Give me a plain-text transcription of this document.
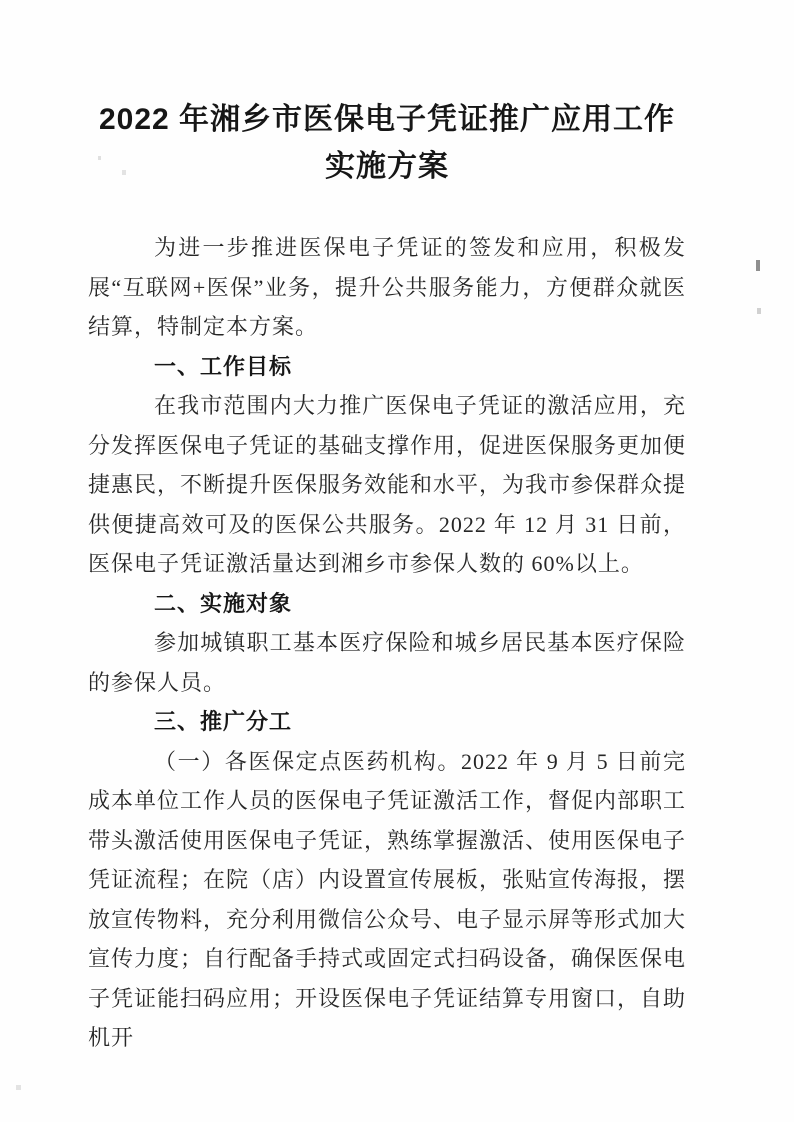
2022 年湘乡市医保电子凭证推广应用工作
实施方案

为进一步推进医保电子凭证的签发和应用，积极发展“互联网+医保”业务，提升公共服务能力，方便群众就医结算，特制定本方案。

一、工作目标

在我市范围内大力推广医保电子凭证的激活应用，充分发挥医保电子凭证的基础支撑作用，促进医保服务更加便捷惠民，不断提升医保服务效能和水平，为我市参保群众提供便捷高效可及的医保公共服务。2022 年 12 月 31 日前，医保电子凭证激活量达到湘乡市参保人数的 60%以上。

二、实施对象

参加城镇职工基本医疗保险和城乡居民基本医疗保险的参保人员。

三、推广分工

（一）各医保定点医药机构。2022 年 9 月 5 日前完成本单位工作人员的医保电子凭证激活工作，督促内部职工带头激活使用医保电子凭证，熟练掌握激活、使用医保电子凭证流程；在院（店）内设置宣传展板，张贴宣传海报，摆放宣传物料，充分利用微信公众号、电子显示屏等形式加大宣传力度；自行配备手持式或固定式扫码设备，确保医保电子凭证能扫码应用；开设医保电子凭证结算专用窗口，自助机开
